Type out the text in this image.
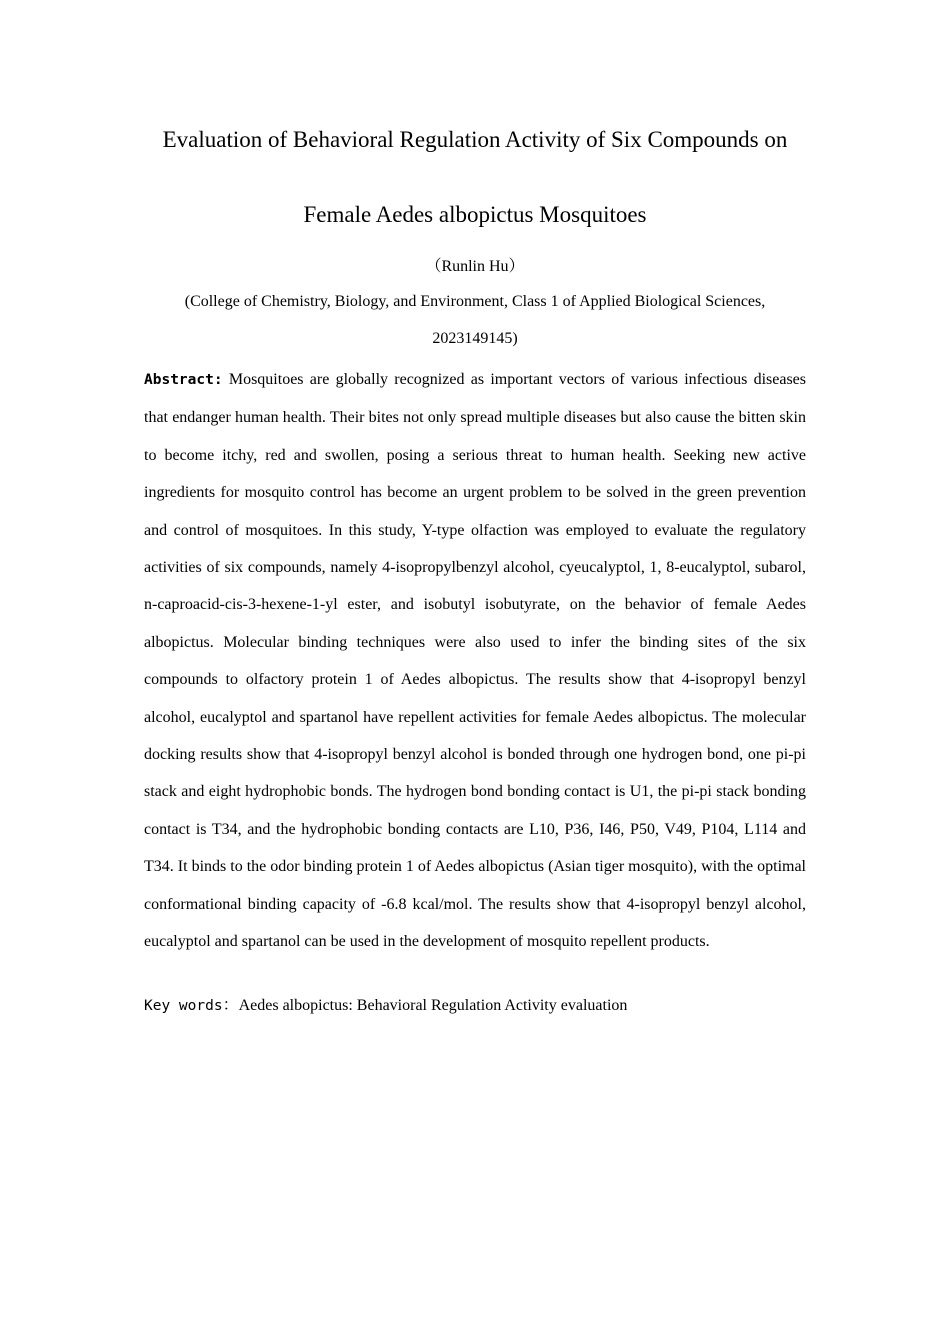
Evaluation of Behavioral Regulation Activity of Six Compounds on
Female Aedes albopictus Mosquitoes
（Runlin Hu）
(College of Chemistry, Biology, and Environment, Class 1 of Applied Biological Sciences,
2023149145)

Abstract: Mosquitoes are globally recognized as important vectors of various infectious diseases that endanger human health. Their bites not only spread multiple diseases but also cause the bitten skin to become itchy, red and swollen, posing a serious threat to human health. Seeking new active ingredients for mosquito control has become an urgent problem to be solved in the green prevention and control of mosquitoes. In this study, Y-type olfaction was employed to evaluate the regulatory activities of six compounds, namely 4-isopropylbenzyl alcohol, cyeucalyptol, 1, 8-eucalyptol, subarol, n-caproacid-cis-3-hexene-1-yl ester, and isobutyl isobutyrate, on the behavior of female Aedes albopictus. Molecular binding techniques were also used to infer the binding sites of the six compounds to olfactory protein 1 of Aedes albopictus. The results show that 4-isopropyl benzyl alcohol, eucalyptol and spartanol have repellent activities for female Aedes albopictus. The molecular docking results show that 4-isopropyl benzyl alcohol is bonded through one hydrogen bond, one pi-pi stack and eight hydrophobic bonds. The hydrogen bond bonding contact is U1, the pi-pi stack bonding contact is T34, and the hydrophobic bonding contacts are L10, P36, I46, P50, V49, P104, L114 and T34. It binds to the odor binding protein 1 of Aedes albopictus (Asian tiger mosquito), with the optimal conformational binding capacity of -6.8 kcal/mol. The results show that 4-isopropyl benzyl alcohol, eucalyptol and spartanol can be used in the development of mosquito repellent products.

Key words：Aedes albopictus: Behavioral Regulation Activity evaluation
